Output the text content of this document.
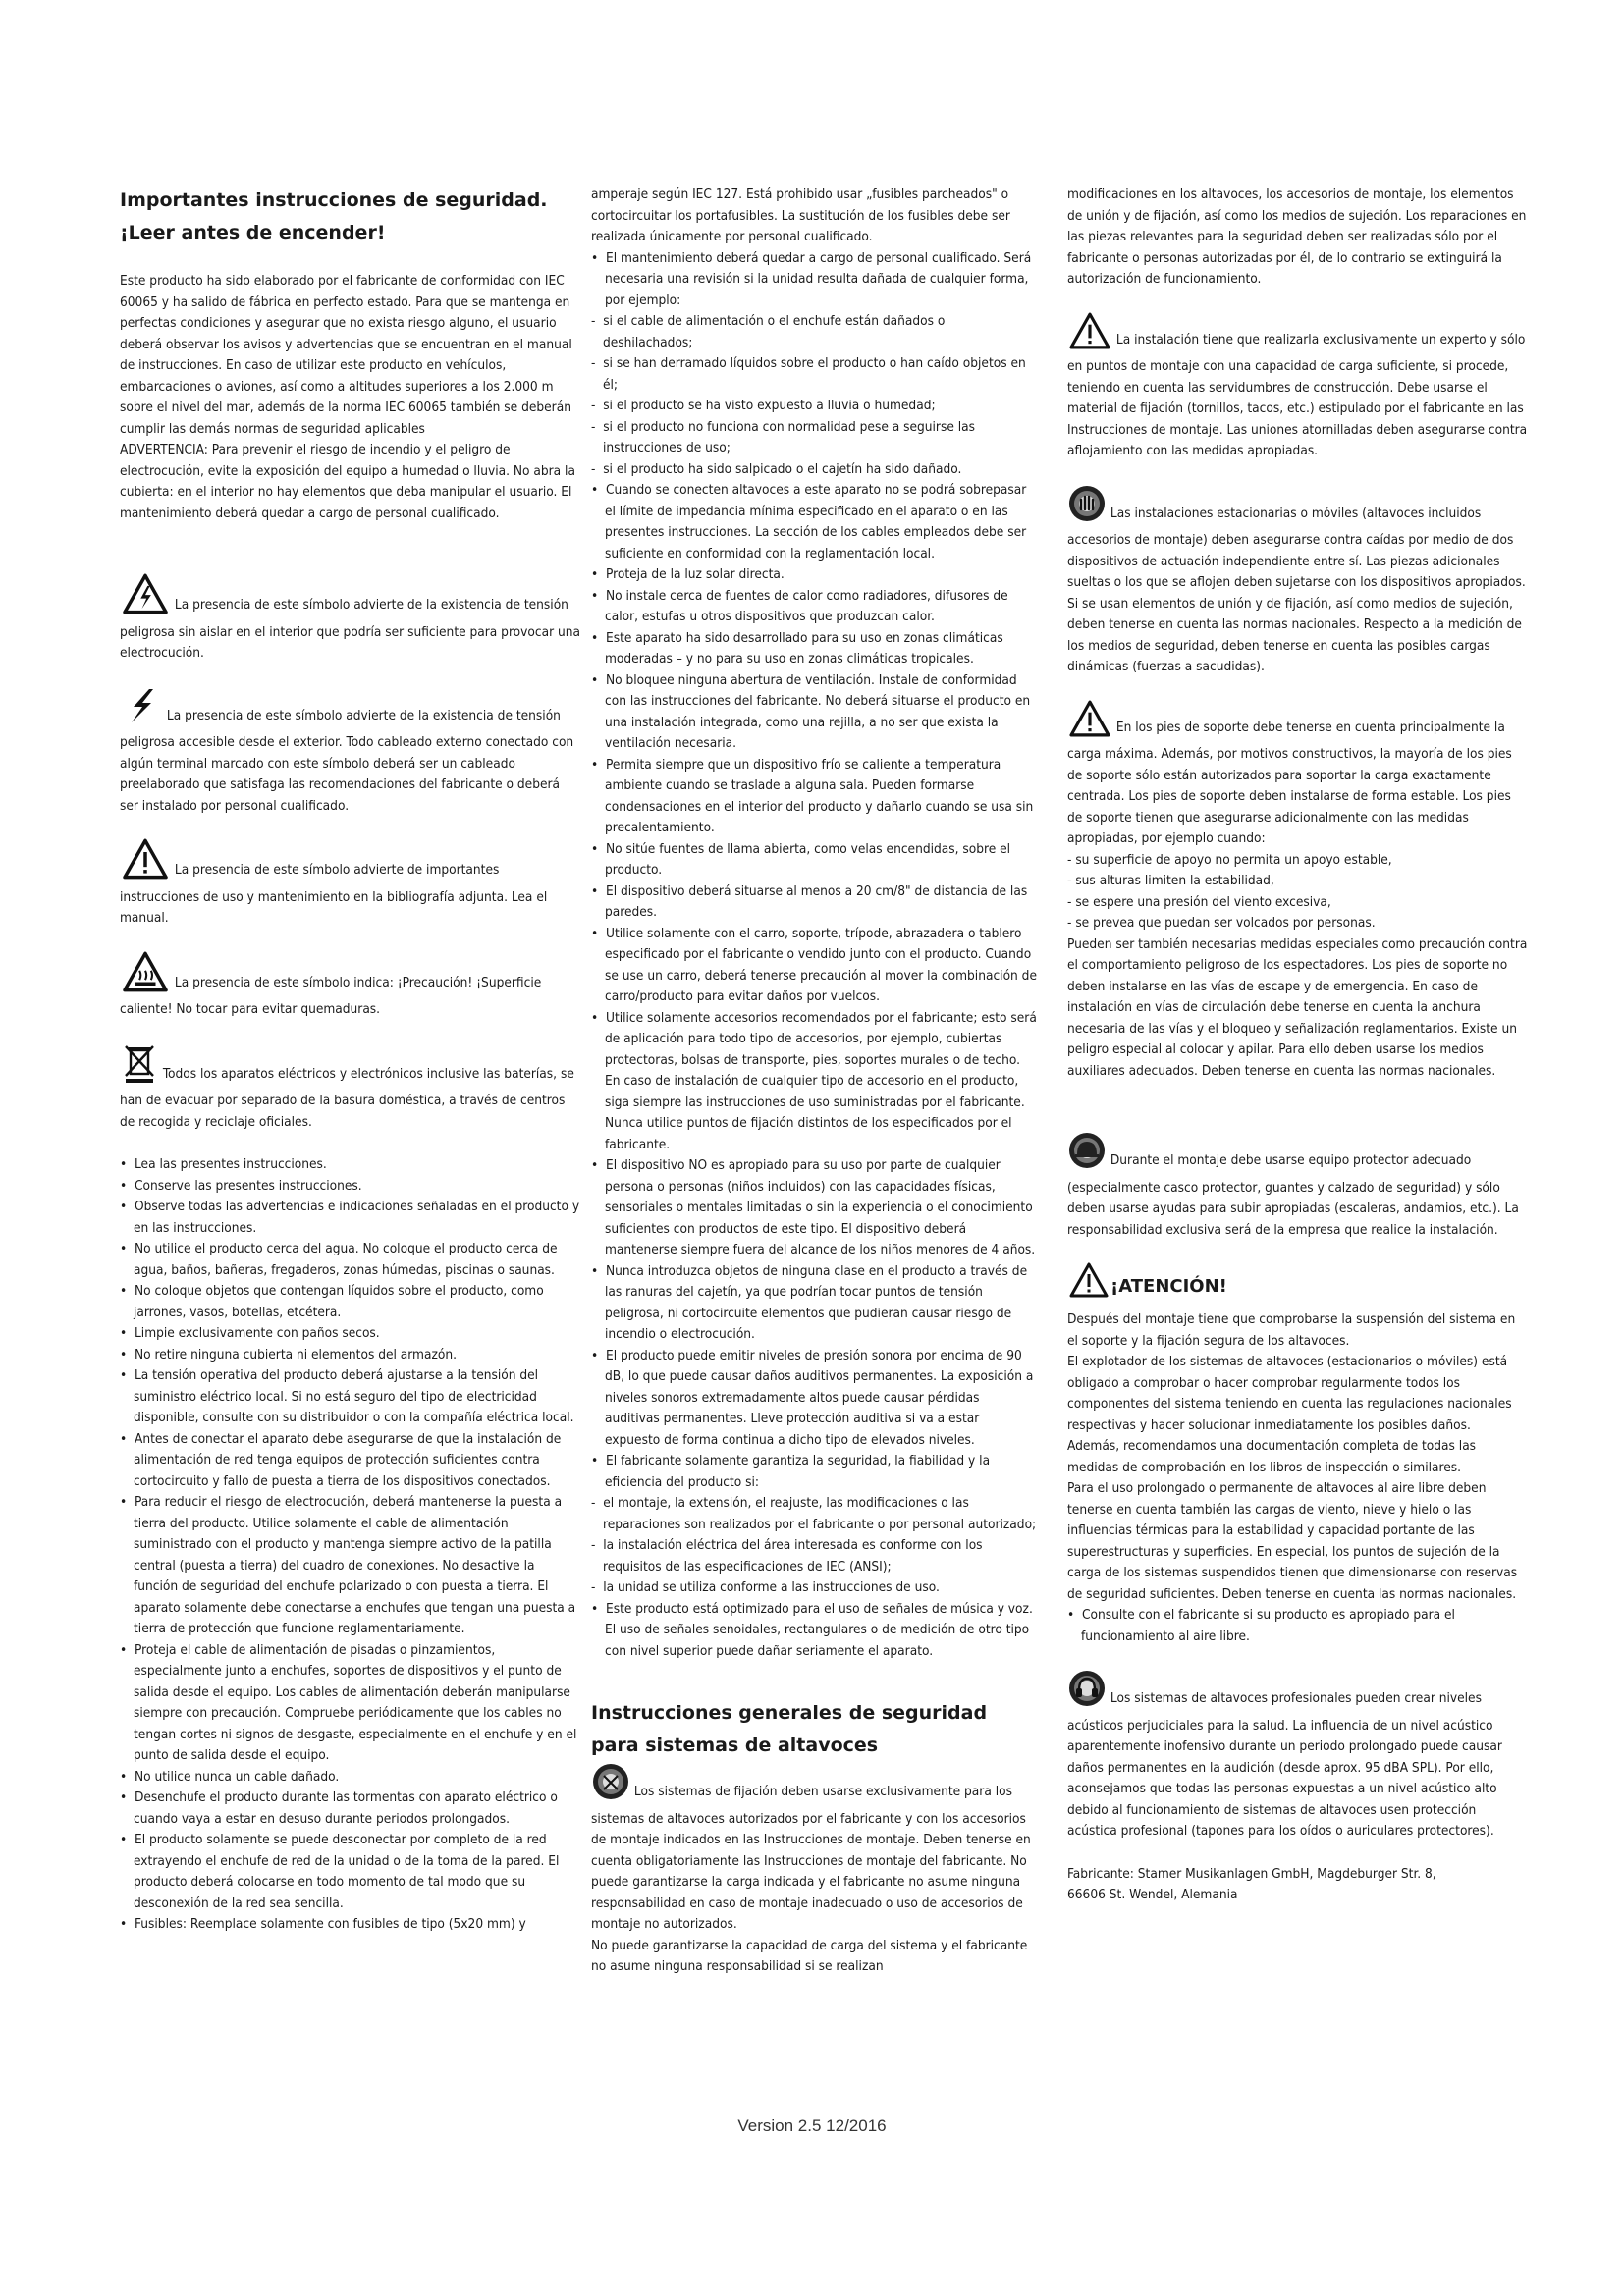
Importantes instrucciones de seguridad.

¡Leer antes de encender!

Este producto ha sido elaborado por el fabricante de conformidad con IEC 60065 y ha salido de fábrica en perfecto estado. Para que se mantenga en perfectas condiciones y asegurar que no exista riesgo alguno, el usuario deberá observar los avisos y advertencias que se encuentran en el manual de instrucciones. En caso de utilizar este producto en vehículos, embarcaciones o aviones, así como a altitudes superiores a los 2.000 m sobre el nivel del mar, además de la norma IEC 60065 también se deberán cumplir las demás normas de seguridad aplicables

ADVERTENCIA: Para prevenir el riesgo de incendio y el peligro de electrocución, evite la exposición del equipo a humedad o lluvia. No abra la cubierta: en el interior no hay elementos que deba manipular el usuario. El mantenimiento deberá quedar a cargo de personal cualificado.

La presencia de este símbolo advierte de la existencia de tensión peligrosa sin aislar en el interior que podría ser suficiente para provocar una electrocución.

La presencia de este símbolo advierte de la existencia de tensión peligrosa accesible desde el exterior. Todo cableado externo conectado con algún terminal marcado con este símbolo deberá ser un cableado preelaborado que satisfaga las recomendaciones del fabricante o deberá ser instalado por personal cualificado.

La presencia de este símbolo advierte de importantes instrucciones de uso y mantenimiento en la bibliografía adjunta. Lea el manual.

La presencia de este símbolo indica: ¡Precaución! ¡Superficie caliente! No tocar para evitar quemaduras.

Todos los aparatos eléctricos y electrónicos inclusive las baterías, se han de evacuar por separado de la basura doméstica, a través de centros de recogida y reciclaje oficiales.

•  Lea las presentes instrucciones.

•  Conserve las presentes instrucciones.

•  Observe todas las advertencias e indicaciones señaladas en el producto y en las instrucciones.

•  No utilice el producto cerca del agua. No coloque el producto cerca de agua, baños, bañeras, fregaderos, zonas húmedas, piscinas o saunas.

•  No coloque objetos que contengan líquidos sobre el producto, como jarrones, vasos, botellas, etcétera.

•  Limpie exclusivamente con paños secos.

•  No retire ninguna cubierta ni elementos del armazón.

•  La tensión operativa del producto deberá ajustarse a la tensión del suministro eléctrico local. Si no está seguro del tipo de electricidad disponible, consulte con su distribuidor o con la compañía eléctrica local.

•  Antes de conectar el aparato debe asegurarse de que la instalación de alimentación de red tenga equipos de protección suficientes contra cortocircuito y fallo de puesta a tierra de los dispositivos conectados.

•  Para reducir el riesgo de electrocución, deberá mantenerse la puesta a tierra del producto. Utilice solamente el cable de alimentación suministrado con el producto y mantenga siempre activo de la patilla central (puesta a tierra) del cuadro de conexiones. No desactive la función de seguridad del enchufe polarizado o con puesta a tierra. El aparato solamente debe conectarse a enchufes que tengan una puesta a tierra de protección que funcione reglamentariamente.

•  Proteja el cable de alimentación de pisadas o pinzamientos, especialmente junto a enchufes, soportes de dispositivos y el punto de salida desde el equipo. Los cables de alimentación deberán manipularse siempre con precaución. Compruebe periódicamente que los cables no tengan cortes ni signos de desgaste, especialmente en el enchufe y en el punto de salida desde el equipo.

•  No utilice nunca un cable dañado.

•  Desenchufe el producto durante las tormentas con aparato eléctrico o cuando vaya a estar en desuso durante periodos prolongados.

•  El producto solamente se puede desconectar por completo de la red extrayendo el enchufe de red de la unidad o de la toma de la pared. El producto deberá colocarse en todo momento de tal modo que su desconexión de la red sea sencilla.

•  Fusibles: Reemplace solamente con fusibles de tipo (5x20 mm) y

amperaje según IEC 127. Está prohibido usar „fusibles parcheados" o cortocircuitar los portafusibles. La sustitución de los fusibles debe ser realizada únicamente por personal cualificado.

•  El mantenimiento deberá quedar a cargo de personal cualificado. Será necesaria una revisión si la unidad resulta dañada de cualquier forma, por ejemplo:

-  si el cable de alimentación o el enchufe están dañados o deshilachados;

-  si se han derramado líquidos sobre el producto o han caído objetos en él;

-  si el producto se ha visto expuesto a lluvia o humedad;

-  si el producto no funciona con normalidad pese a seguirse las instrucciones de uso;

-  si el producto ha sido salpicado o el cajetín ha sido dañado.

•  Cuando se conecten altavoces a este aparato no se podrá sobrepasar el límite de impedancia mínima especificado en el aparato o en las presentes instrucciones. La sección de los cables empleados debe ser suficiente en conformidad con la reglamentación local.

•  Proteja de la luz solar directa.

•  No instale cerca de fuentes de calor como radiadores, difusores de calor, estufas u otros dispositivos que produzcan calor.

•  Este aparato ha sido desarrollado para su uso en zonas climáticas moderadas – y no para su uso en zonas climáticas tropicales.

•  No bloquee ninguna abertura de ventilación. Instale de conformidad con las instrucciones del fabricante. No deberá situarse el producto en una instalación integrada, como una rejilla, a no ser que exista la ventilación necesaria.

•  Permita siempre que un dispositivo frío se caliente a temperatura ambiente cuando se traslade a alguna sala. Pueden formarse condensaciones en el interior del producto y dañarlo cuando se usa sin precalentamiento.

•  No sitúe fuentes de llama abierta, como velas encendidas, sobre el producto.

•  El dispositivo deberá situarse al menos a 20 cm/8" de distancia de las paredes.

•  Utilice solamente con el carro, soporte, trípode, abrazadera o tablero especificado por el fabricante o vendido junto con el producto. Cuando se use un carro, deberá tenerse precaución al mover la combinación de carro/producto para evitar daños por vuelcos.

•  Utilice solamente accesorios recomendados por el fabricante; esto será de aplicación para todo tipo de accesorios, por ejemplo, cubiertas protectoras, bolsas de transporte, pies, soportes murales o de techo. En caso de instalación de cualquier tipo de accesorio en el producto, siga siempre las instrucciones de uso suministradas por el fabricante. Nunca utilice puntos de fijación distintos de los especificados por el fabricante.

•  El dispositivo NO es apropiado para su uso por parte de cualquier persona o personas (niños incluidos) con las capacidades físicas, sensoriales o mentales limitadas o sin la experiencia o el conocimiento suficientes con productos de este tipo. El dispositivo deberá mantenerse siempre fuera del alcance de los niños menores de 4 años.

•  Nunca introduzca objetos de ninguna clase en el producto a través de las ranuras del cajetín, ya que podrían tocar puntos de tensión peligrosa, ni cortocircuite elementos que pudieran causar riesgo de incendio o electrocución.

•  El producto puede emitir niveles de presión sonora por encima de 90 dB, lo que puede causar daños auditivos permanentes. La exposición a niveles sonoros extremadamente altos puede causar pérdidas auditivas permanentes. Lleve protección auditiva si va a estar expuesto de forma continua a dicho tipo de elevados niveles.

•  El fabricante solamente garantiza la seguridad, la fiabilidad y la eficiencia del producto si:

-  el montaje, la extensión, el reajuste, las modificaciones o las reparaciones son realizados por el fabricante o por personal autorizado;

-  la instalación eléctrica del área interesada es conforme con los requisitos de las especificaciones de IEC (ANSI);

-  la unidad se utiliza conforme a las instrucciones de uso.

•  Este producto está optimizado para el uso de señales de música y voz. El uso de señales senoidales, rectangulares o de medición de otro tipo con nivel superior puede dañar seriamente el aparato.

Instrucciones generales de seguridad

para sistemas de altavoces

Los sistemas de fijación deben usarse exclusivamente para los sistemas de altavoces autorizados por el fabricante y con los accesorios de montaje indicados en las Instrucciones de montaje. Deben tenerse en cuenta obligatoriamente las Instrucciones de montaje del fabricante. No puede garantizarse la carga indicada y el fabricante no asume ninguna responsabilidad en caso de montaje inadecuado o uso de accesorios de montaje no autorizados.

No puede garantizarse la capacidad de carga del sistema y el fabricante no asume ninguna responsabilidad si se realizan

modificaciones en los altavoces, los accesorios de montaje, los elementos de unión y de fijación, así como los medios de sujeción. Los reparaciones en las piezas relevantes para la seguridad deben ser realizadas sólo por el fabricante o personas autorizadas por él, de lo contrario se extinguirá la autorización de funcionamiento.

La instalación tiene que realizarla exclusivamente un experto y sólo en puntos de montaje con una capacidad de carga suficiente, si procede, teniendo en cuenta las servidumbres de construcción. Debe usarse el material de fijación (tornillos, tacos, etc.) estipulado por el fabricante en las Instrucciones de montaje. Las uniones atornilladas deben asegurarse contra aflojamiento con las medidas apropiadas.

Las instalaciones estacionarias o móviles (altavoces incluidos accesorios de montaje) deben asegurarse contra caídas por medio de dos dispositivos de actuación independiente entre sí. Las piezas adicionales sueltas o los que se aflojen deben sujetarse con los dispositivos apropiados. Si se usan elementos de unión y de fijación, así como medios de sujeción, deben tenerse en cuenta las normas nacionales. Respecto a la medición de los medios de seguridad, deben tenerse en cuenta las posibles cargas dinámicas (fuerzas a sacudidas).

En los pies de soporte debe tenerse en cuenta principalmente la carga máxima. Además, por motivos constructivos, la mayoría de los pies de soporte sólo están autorizados para soportar la carga exactamente centrada. Los pies de soporte deben instalarse de forma estable. Los pies de soporte tienen que asegurarse adicionalmente con las medidas apropiadas, por ejemplo cuando:

- su superficie de apoyo no permita un apoyo estable,

- sus alturas limiten la estabilidad,

- se espere una presión del viento excesiva,

- se prevea que puedan ser volcados por personas.

Pueden ser también necesarias medidas especiales como precaución contra el comportamiento peligroso de los espectadores. Los pies de soporte no deben instalarse en las vías de escape y de emergencia. En caso de instalación en vías de circulación debe tenerse en cuenta la anchura necesaria de las vías y el bloqueo y señalización reglamentarios. Existe un peligro especial al colocar y apilar. Para ello deben usarse los medios auxiliares adecuados. Deben tenerse en cuenta las normas nacionales.

Durante el montaje debe usarse equipo protector adecuado (especialmente casco protector, guantes y calzado de seguridad) y sólo deben usarse ayudas para subir apropiadas (escaleras, andamios, etc.). La responsabilidad exclusiva será de la empresa que realice la instalación.

¡ATENCIÓN!

Después del montaje tiene que comprobarse la suspensión del sistema en el soporte y la fijación segura de los altavoces.

El explotador de los sistemas de altavoces (estacionarios o móviles) está obligado a comprobar o hacer comprobar regularmente todos los componentes del sistema teniendo en cuenta las regulaciones nacionales respectivas y hacer solucionar inmediatamente los posibles daños.

Además, recomendamos una documentación completa de todas las medidas de comprobación en los libros de inspección o similares.

Para el uso prolongado o permanente de altavoces al aire libre deben tenerse en cuenta también las cargas de viento, nieve y hielo o las influencias térmicas para la estabilidad y capacidad portante de las superestructuras y superficies. En especial, los puntos de sujeción de la carga de los sistemas suspendidos tienen que dimensionarse con reservas de seguridad suficientes. Deben tenerse en cuenta las normas nacionales.

•  Consulte con el fabricante si su producto es apropiado para el funcionamiento al aire libre.

Los sistemas de altavoces profesionales pueden crear niveles acústicos perjudiciales para la salud. La influencia de un nivel acústico aparentemente inofensivo durante un periodo prolongado puede causar daños permanentes en la audición (desde aprox. 95 dBA SPL). Por ello, aconsejamos que todas las personas expuestas a un nivel acústico alto debido al funcionamiento de sistemas de altavoces usen protección acústica profesional (tapones para los oídos o auriculares protectores).

Fabricante: Stamer Musikanlagen GmbH, Magdeburger Str. 8,

66606 St. Wendel, Alemania

Version 2.5 12/2016
